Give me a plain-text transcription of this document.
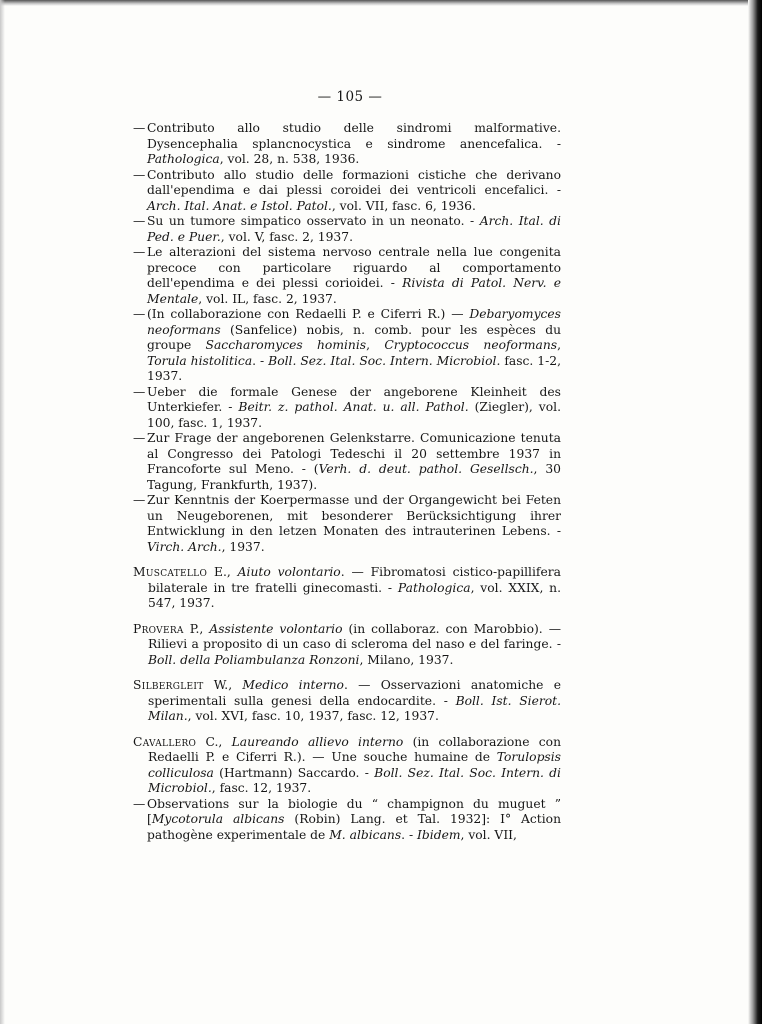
— 105 —

— Contributo allo studio delle sindromi malformative. Dysencephalia splancnocystica e sindrome anencefalica. - Pathologica, vol. 28, n. 538, 1936.

— Contributo allo studio delle formazioni cistiche che derivano dall'ependima e dai plessi coroidei dei ventricoli encefalici. - Arch. Ital. Anat. e Istol. Patol., vol. VII, fasc. 6, 1936.

— Su un tumore simpatico osservato in un neonato. - Arch. Ital. di Ped. e Puer., vol. V, fasc. 2, 1937.

— Le alterazioni del sistema nervoso centrale nella lue congenita precoce con particolare riguardo al comportamento dell'ependima e dei plessi corioidei. - Rivista di Patol. Nerv. e Mentale, vol. IL, fasc. 2, 1937.

— (In collaborazione con Redaelli P. e Ciferri R.) — Debaryomyces neoformans (Sanfelice) nobis, n. comb. pour les espèces du groupe Saccharomyces hominis, Cryptococcus neoformans, Torula histolitica. - Boll. Sez. Ital. Soc. Intern. Microbiol. fasc. 1-2, 1937.

— Ueber die formale Genese der angeborene Kleinheit des Unterkiefer. - Beitr. z. pathol. Anat. u. all. Pathol. (Ziegler), vol. 100, fasc. 1, 1937.

— Zur Frage der angeborenen Gelenkstarre. Comunicazione tenuta al Congresso dei Patologi Tedeschi il 20 settembre 1937 in Francoforte sul Meno. - (Verh. d. deut. pathol. Gesellsch., 30 Tagung, Frankfurth, 1937).

— Zur Kenntnis der Koerpermasse und der Organgewicht bei Feten un Neugeborenen, mit besonderer Berücksichtigung ihrer Entwicklung in den letzen Monaten des intrauterinen Lebens. - Virch. Arch., 1937.

Muscatello E., Aiuto volontario. — Fibromatosi cistico-papillifera bilaterale in tre fratelli ginecomasti. - Pathologica, vol. XXIX, n. 547, 1937.

Provera P., Assistente volontario (in collaboraz. con Marobbio). — Rilievi a proposito di un caso di scleroma del naso e del faringe. - Boll. della Poliambulanza Ronzoni, Milano, 1937.

Silbergleit W., Medico interno. — Osservazioni anatomiche e sperimentali sulla genesi della endocardite. - Boll. Ist. Sierot. Milan., vol. XVI, fasc. 10, 1937, fasc. 12, 1937.

Cavallero C., Laureando allievo interno (in collaborazione con Redaelli P. e Ciferri R.). — Une souche humaine de Torulopsis colliculosa (Hartmann) Saccardo. - Boll. Sez. Ital. Soc. Intern. di Microbiol., fasc. 12, 1937.

— Observations sur la biologie du “ champignon du muguet ” [Mycotorula albicans (Robin) Lang. et Tal. 1932]: I° Action pathogène experimentale de M. albicans. - Ibidem, vol. VII,
